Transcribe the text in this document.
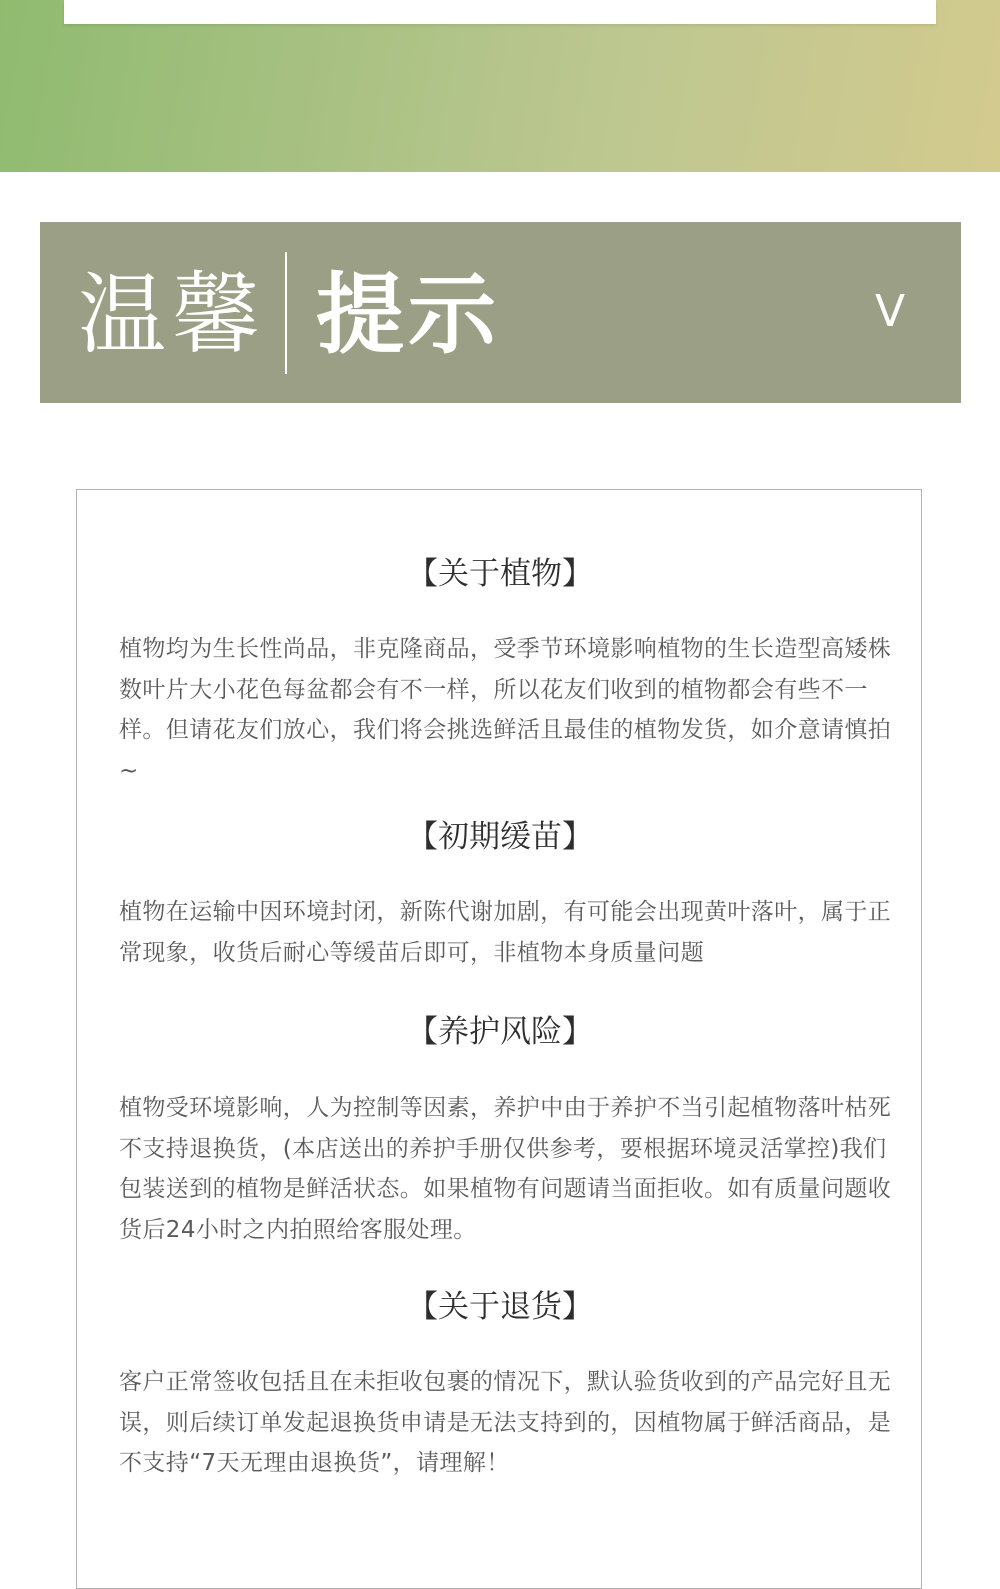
温馨 提示	V
【关于植物】
植物均为生长性尚品，非克隆商品，受季节环境影响植物的生长造型高矮株数叶片大小花色每盆都会有不一样，所以花友们收到的植物都会有些不一样。但请花友们放心，我们将会挑选鲜活且最佳的植物发货，如介意请慎拍~
【初期缓苗】
植物在运输中因环境封闭，新陈代谢加剧，有可能会出现黄叶落叶，属于正常现象，收货后耐心等缓苗后即可，非植物本身质量问题
【养护风险】
植物受环境影响，人为控制等因素，养护中由于养护不当引起植物落叶枯死不支持退换货，(本店送出的养护手册仅供参考，要根据环境灵活掌控)我们包装送到的植物是鲜活状态。如果植物有问题请当面拒收。如有质量问题收货后24小时之内拍照给客服处理。
【关于退货】
客户正常签收包括且在未拒收包裹的情况下，默认验货收到的产品完好且无误，则后续订单发起退换货申请是无法支持到的，因植物属于鲜活商品，是不支持“7天无理由退换货”，请理解！
